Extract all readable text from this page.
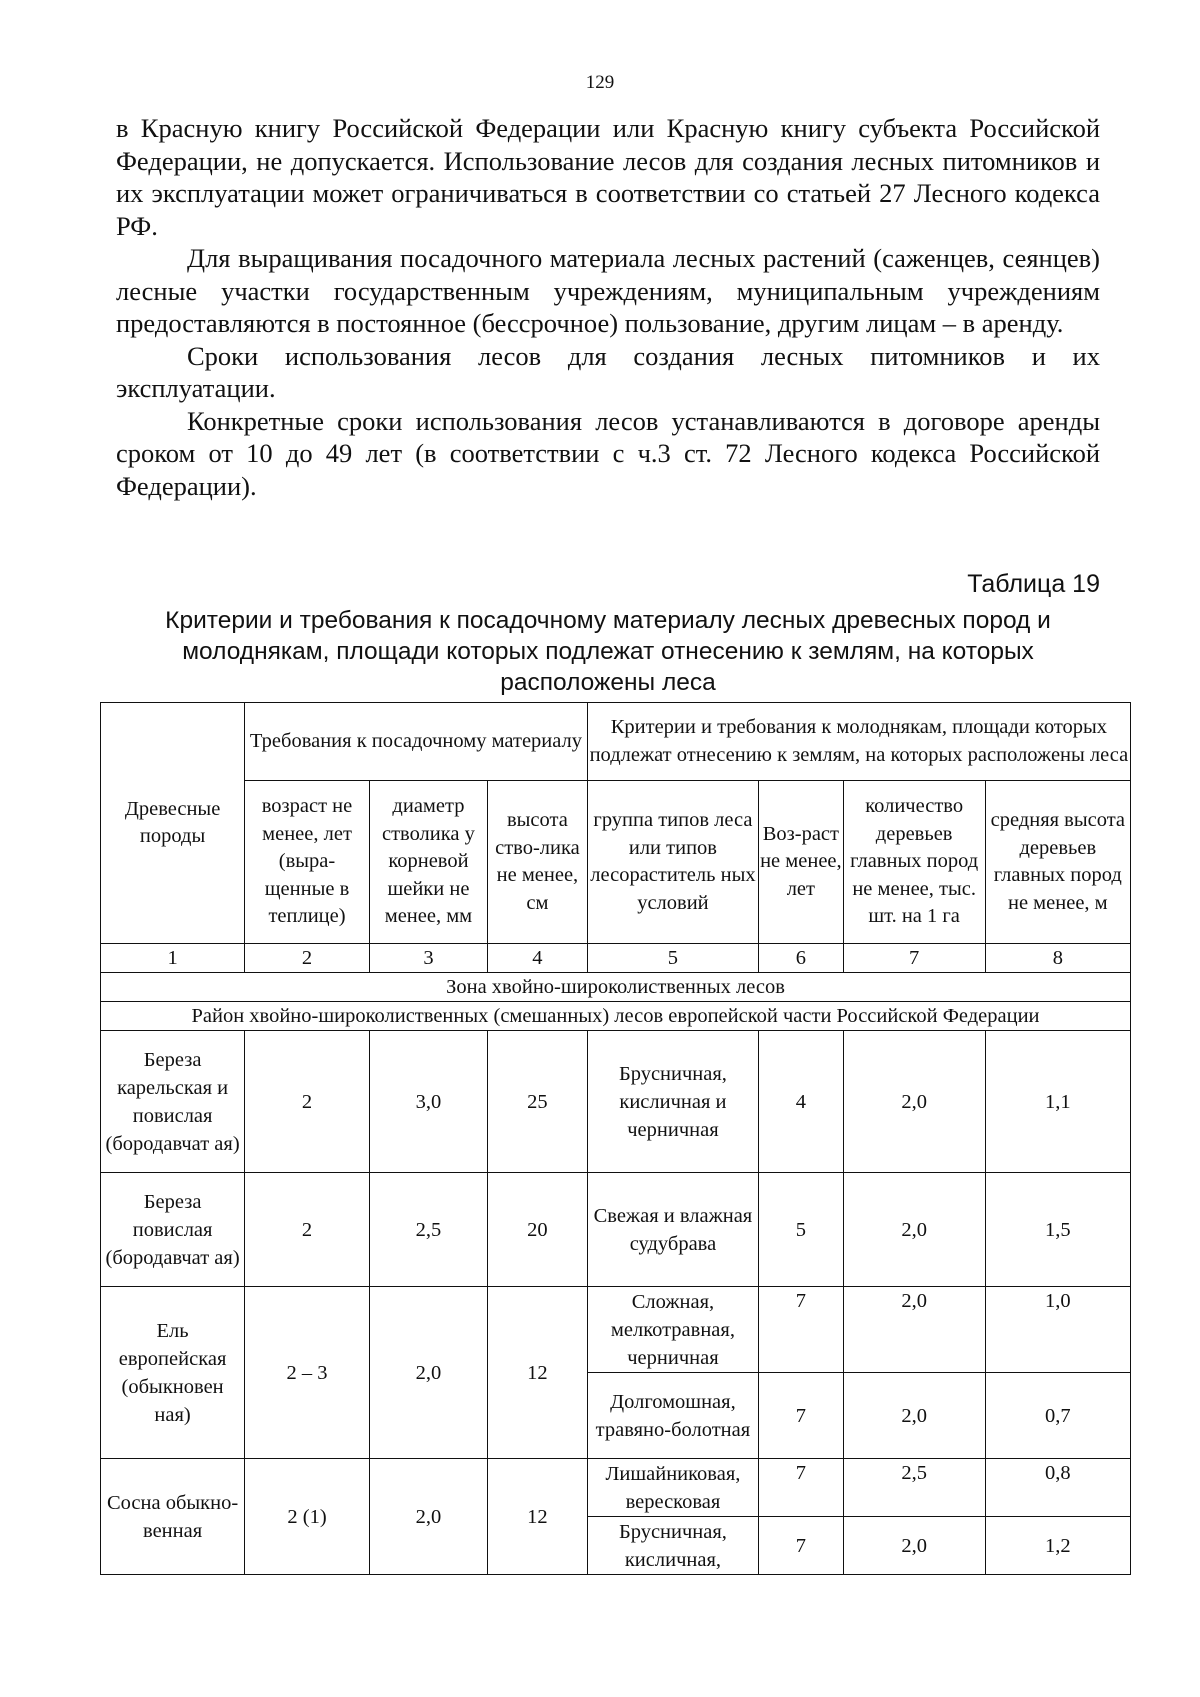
129

в Красную книгу Российской Федерации или Красную книгу субъекта Российской Федерации, не допускается. Использование лесов для создания лесных питомников и их эксплуатации может ограничиваться в соответствии со статьей 27 Лесного кодекса РФ.

Для выращивания посадочного материала лесных растений (саженцев, сеянцев) лесные участки государственным учреждениям, муниципальным учреждениям предоставляются в постоянное (бессрочное) пользование, другим лицам – в аренду.

Сроки использования лесов для создания лесных питомников и их эксплуатации.

Конкретные сроки использования лесов устанавливаются в договоре аренды сроком от 10 до 49 лет (в соответствии с ч.3 ст. 72 Лесного кодекса Российской Федерации).

Таблица 19
Критерии и требования к посадочному материалу лесных древесных пород и молоднякам, площади которых подлежат отнесению к землям, на которых расположены леса
Древесные породы	Требования к посадочному материалу			Критерии и требования к молоднякам, площади которых подлежат отнесению к землям, на которых расположены леса			
	возраст не менее, лет (выра-щенные в теплице)	диаметр стволика у корневой шейки не менее, мм	высота ство-лика не менее, см	группа типов леса или типов лесораститель ных условий	Воз-раст не менее, лет	количество деревьев главных пород не менее, тыс. шт. на 1 га	средняя высота деревьев главных пород не менее, м
1	2	3	4	5	6	7	8
Зона хвойно-широколиственных лесов							
Район хвойно-широколиственных (смешанных) лесов европейской части Российской Федерации							
Береза карельская и повислая (бородавчат ая)	2	3,0	25	Брусничная, кисличная и черничная	4	2,0	1,1
Береза повислая (бородавчат ая)	2	2,5	20	Свежая и влажная судубрава	5	2,0	1,5
Ель европейская (обыкновен ная)	2 – 3	2,0	12	Сложная, мелкотравная, черничная	7	2,0	1,0
				Долгомошная, травяно-болотная	7	2,0	0,7
Сосна обыкно-венная	2 (1)	2,0	12	Лишайниковая, вересковая	7	2,5	0,8
				Брусничная, кисличная,	7	2,0	1,2
